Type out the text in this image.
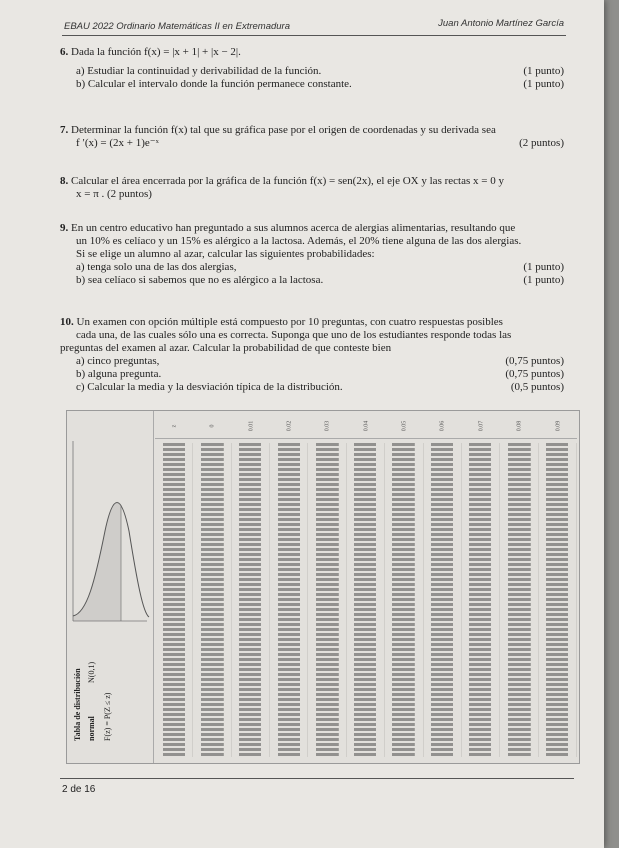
EBAU 2022 Ordinario Matemáticas II en Extremadura	Juan Antonio Martínez García
6. Dada la función f(x) = |x + 1| + |x − 2|.
a) Estudiar la continuidad y derivabilidad de la función.	(1 punto)
b) Calcular el intervalo donde la función permanece constante.	(1 punto)
7. Determinar la función f(x) tal que su gráfica pase por el origen de coordenadas y su derivada sea
f ′(x) = (2x + 1)e⁻ˣ	(2 puntos)
8. Calcular el área encerrada por la gráfica de la función f(x) = sen(2x), el eje OX y las rectas x = 0 y
x = π . (2 puntos)
9. En un centro educativo han preguntado a sus alumnos acerca de alergias alimentarias, resultando que
un 10% es celíaco y un 15% es alérgico a la lactosa. Además, el 20% tiene alguna de las dos alergias.
Si se elige un alumno al azar, calcular las siguientes probabilidades:
a) tenga solo una de las dos alergias,	(1 punto)
b) sea celíaco si sabemos que no es alérgico a la lactosa.	(1 punto)
10. Un examen con opción múltiple está compuesto por 10 preguntas, con cuatro respuestas posibles
cada una, de las cuales sólo una es correcta. Suponga que uno de los estudiantes responde todas las
preguntas del examen al azar. Calcular la probabilidad de que conteste bien
a) cinco preguntas,	(0,75 puntos)
b) alguna pregunta.	(0,75 puntos)
c) Calcular la media y la desviación típica de la distribución.	(0,5 puntos)
Tabla de distribución normal
N(0,1)
F(z) = P(Z ≤ z)
z	0	0.01	0.02	0.03	0.04	0.05	0.06	0.07	0.08	0.09
2 de 16
